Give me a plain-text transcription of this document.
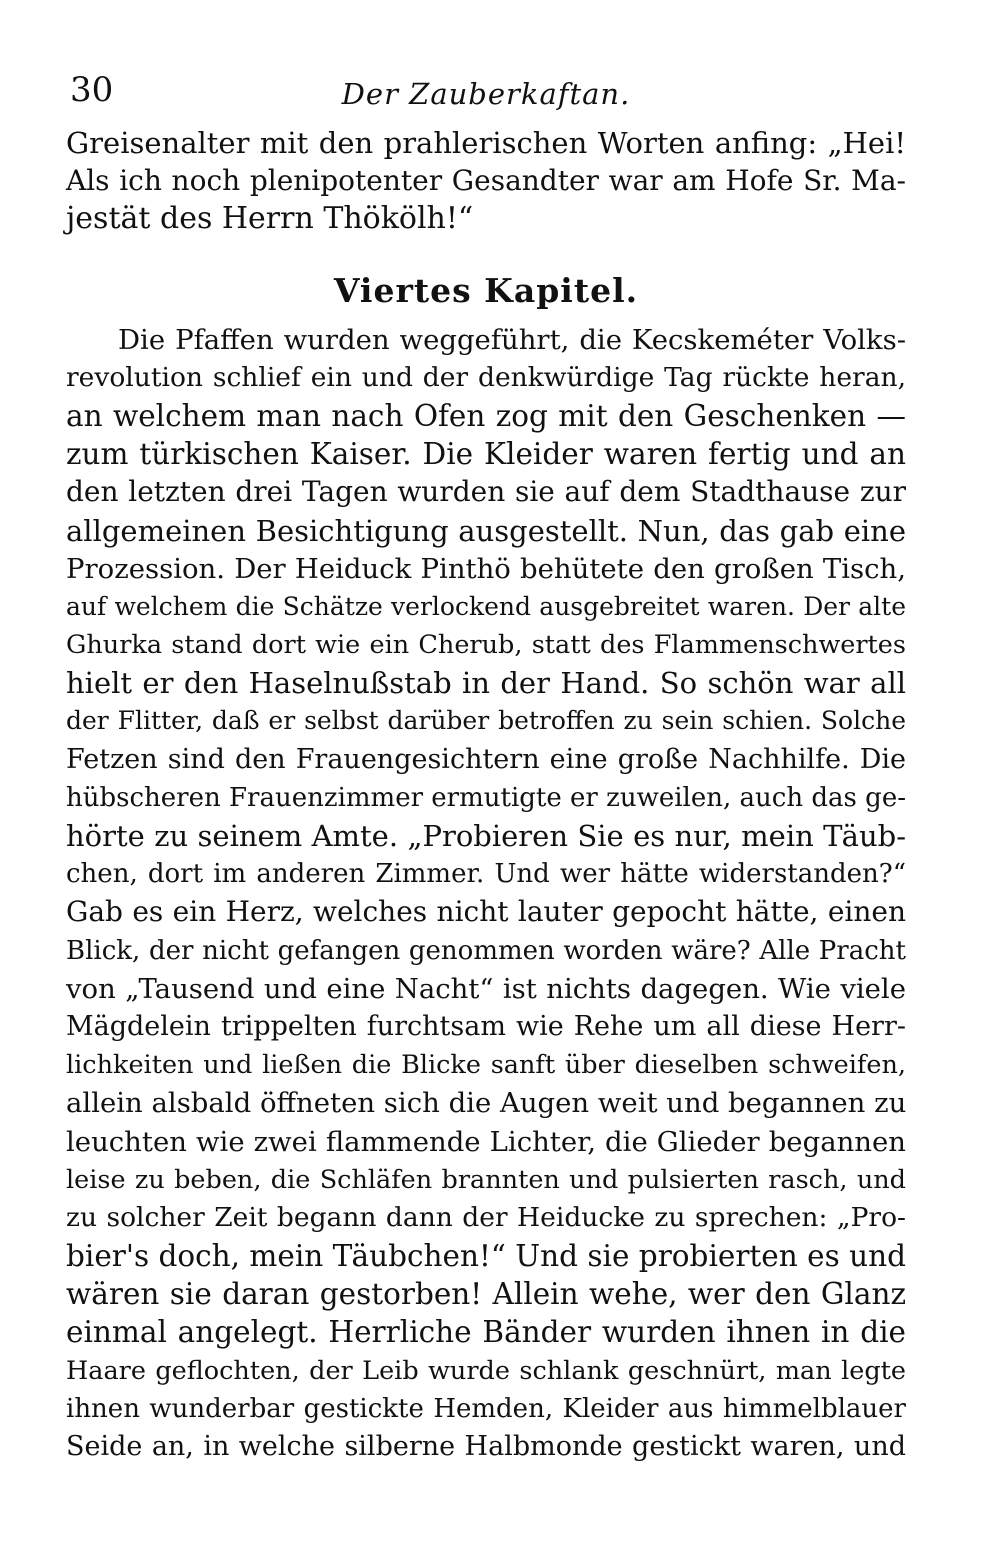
30	Der Zauberkaftan.
Greisenalter mit den prahlerischen Worten anfing: „Hei!
Als ich noch plenipotenter Gesandter war am Hofe Sr. Ma-
jestät des Herrn Thökölh!“
Viertes Kapitel.
Die Pfaffen wurden weggeführt, die Kecskeméter Volks-
revolution schlief ein und der denkwürdige Tag rückte heran,
an welchem man nach Ofen zog mit den Geschenken —
zum türkischen Kaiser. Die Kleider waren fertig und an
den letzten drei Tagen wurden sie auf dem Stadthause zur
allgemeinen Besichtigung ausgestellt. Nun, das gab eine
Prozession. Der Heiduck Pinthö behütete den großen Tisch,
auf welchem die Schätze verlockend ausgebreitet waren. Der alte
Ghurka stand dort wie ein Cherub, statt des Flammenschwertes
hielt er den Haselnußstab in der Hand. So schön war all
der Flitter, daß er selbst darüber betroffen zu sein schien. Solche
Fetzen sind den Frauengesichtern eine große Nachhilfe. Die
hübscheren Frauenzimmer ermutigte er zuweilen, auch das ge-
hörte zu seinem Amte. „Probieren Sie es nur, mein Täub-
chen, dort im anderen Zimmer. Und wer hätte widerstanden?“
Gab es ein Herz, welches nicht lauter gepocht hätte, einen
Blick, der nicht gefangen genommen worden wäre? Alle Pracht
von „Tausend und eine Nacht“ ist nichts dagegen. Wie viele
Mägdelein trippelten furchtsam wie Rehe um all diese Herr-
lichkeiten und ließen die Blicke sanft über dieselben schweifen,
allein alsbald öffneten sich die Augen weit und begannen zu
leuchten wie zwei flammende Lichter, die Glieder begannen
leise zu beben, die Schläfen brannten und pulsierten rasch, und
zu solcher Zeit begann dann der Heiducke zu sprechen: „Pro-
bier's doch, mein Täubchen!“ Und sie probierten es und
wären sie daran gestorben! Allein wehe, wer den Glanz
einmal angelegt. Herrliche Bänder wurden ihnen in die
Haare geflochten, der Leib wurde schlank geschnürt, man legte
ihnen wunderbar gestickte Hemden, Kleider aus himmelblauer
Seide an, in welche silberne Halbmonde gestickt waren, und
